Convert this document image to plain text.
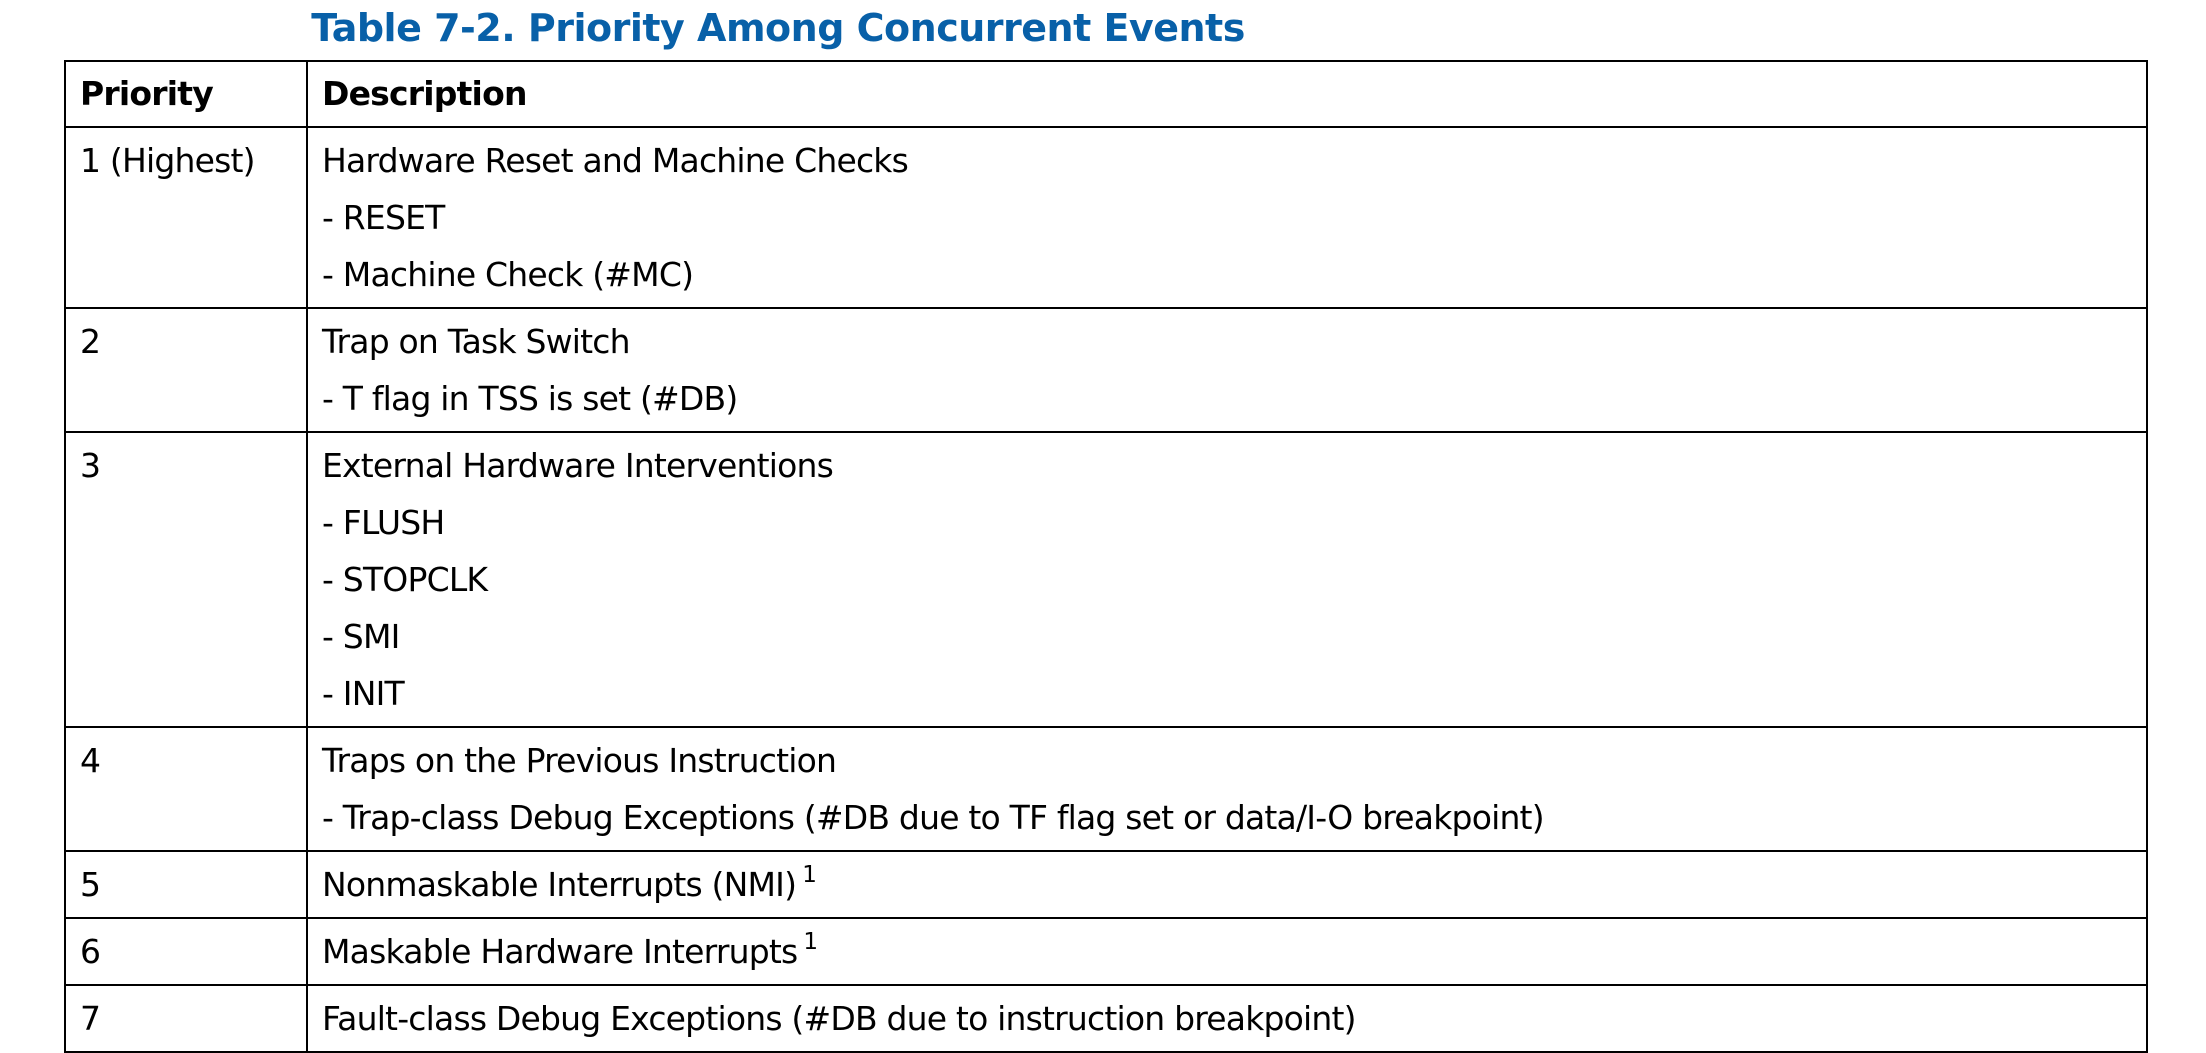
Table 7-2. Priority Among Concurrent Events
Priority	Description
1 (Highest)	Hardware Reset and Machine Checks
- RESET
- Machine Check (#MC)

2	Trap on Task Switch
- T flag in TSS is set (#DB)

3	External Hardware Interventions
- FLUSH
- STOPCLK
- SMI
- INIT

4	Traps on the Previous Instruction
- Trap-class Debug Exceptions (#DB due to TF flag set or data/I-O breakpoint)

5	Nonmaskable Interrupts (NMI) $^1$

6	Maskable Hardware Interrupts $^1$

7	Fault-class Debug Exceptions (#DB due to instruction breakpoint)
